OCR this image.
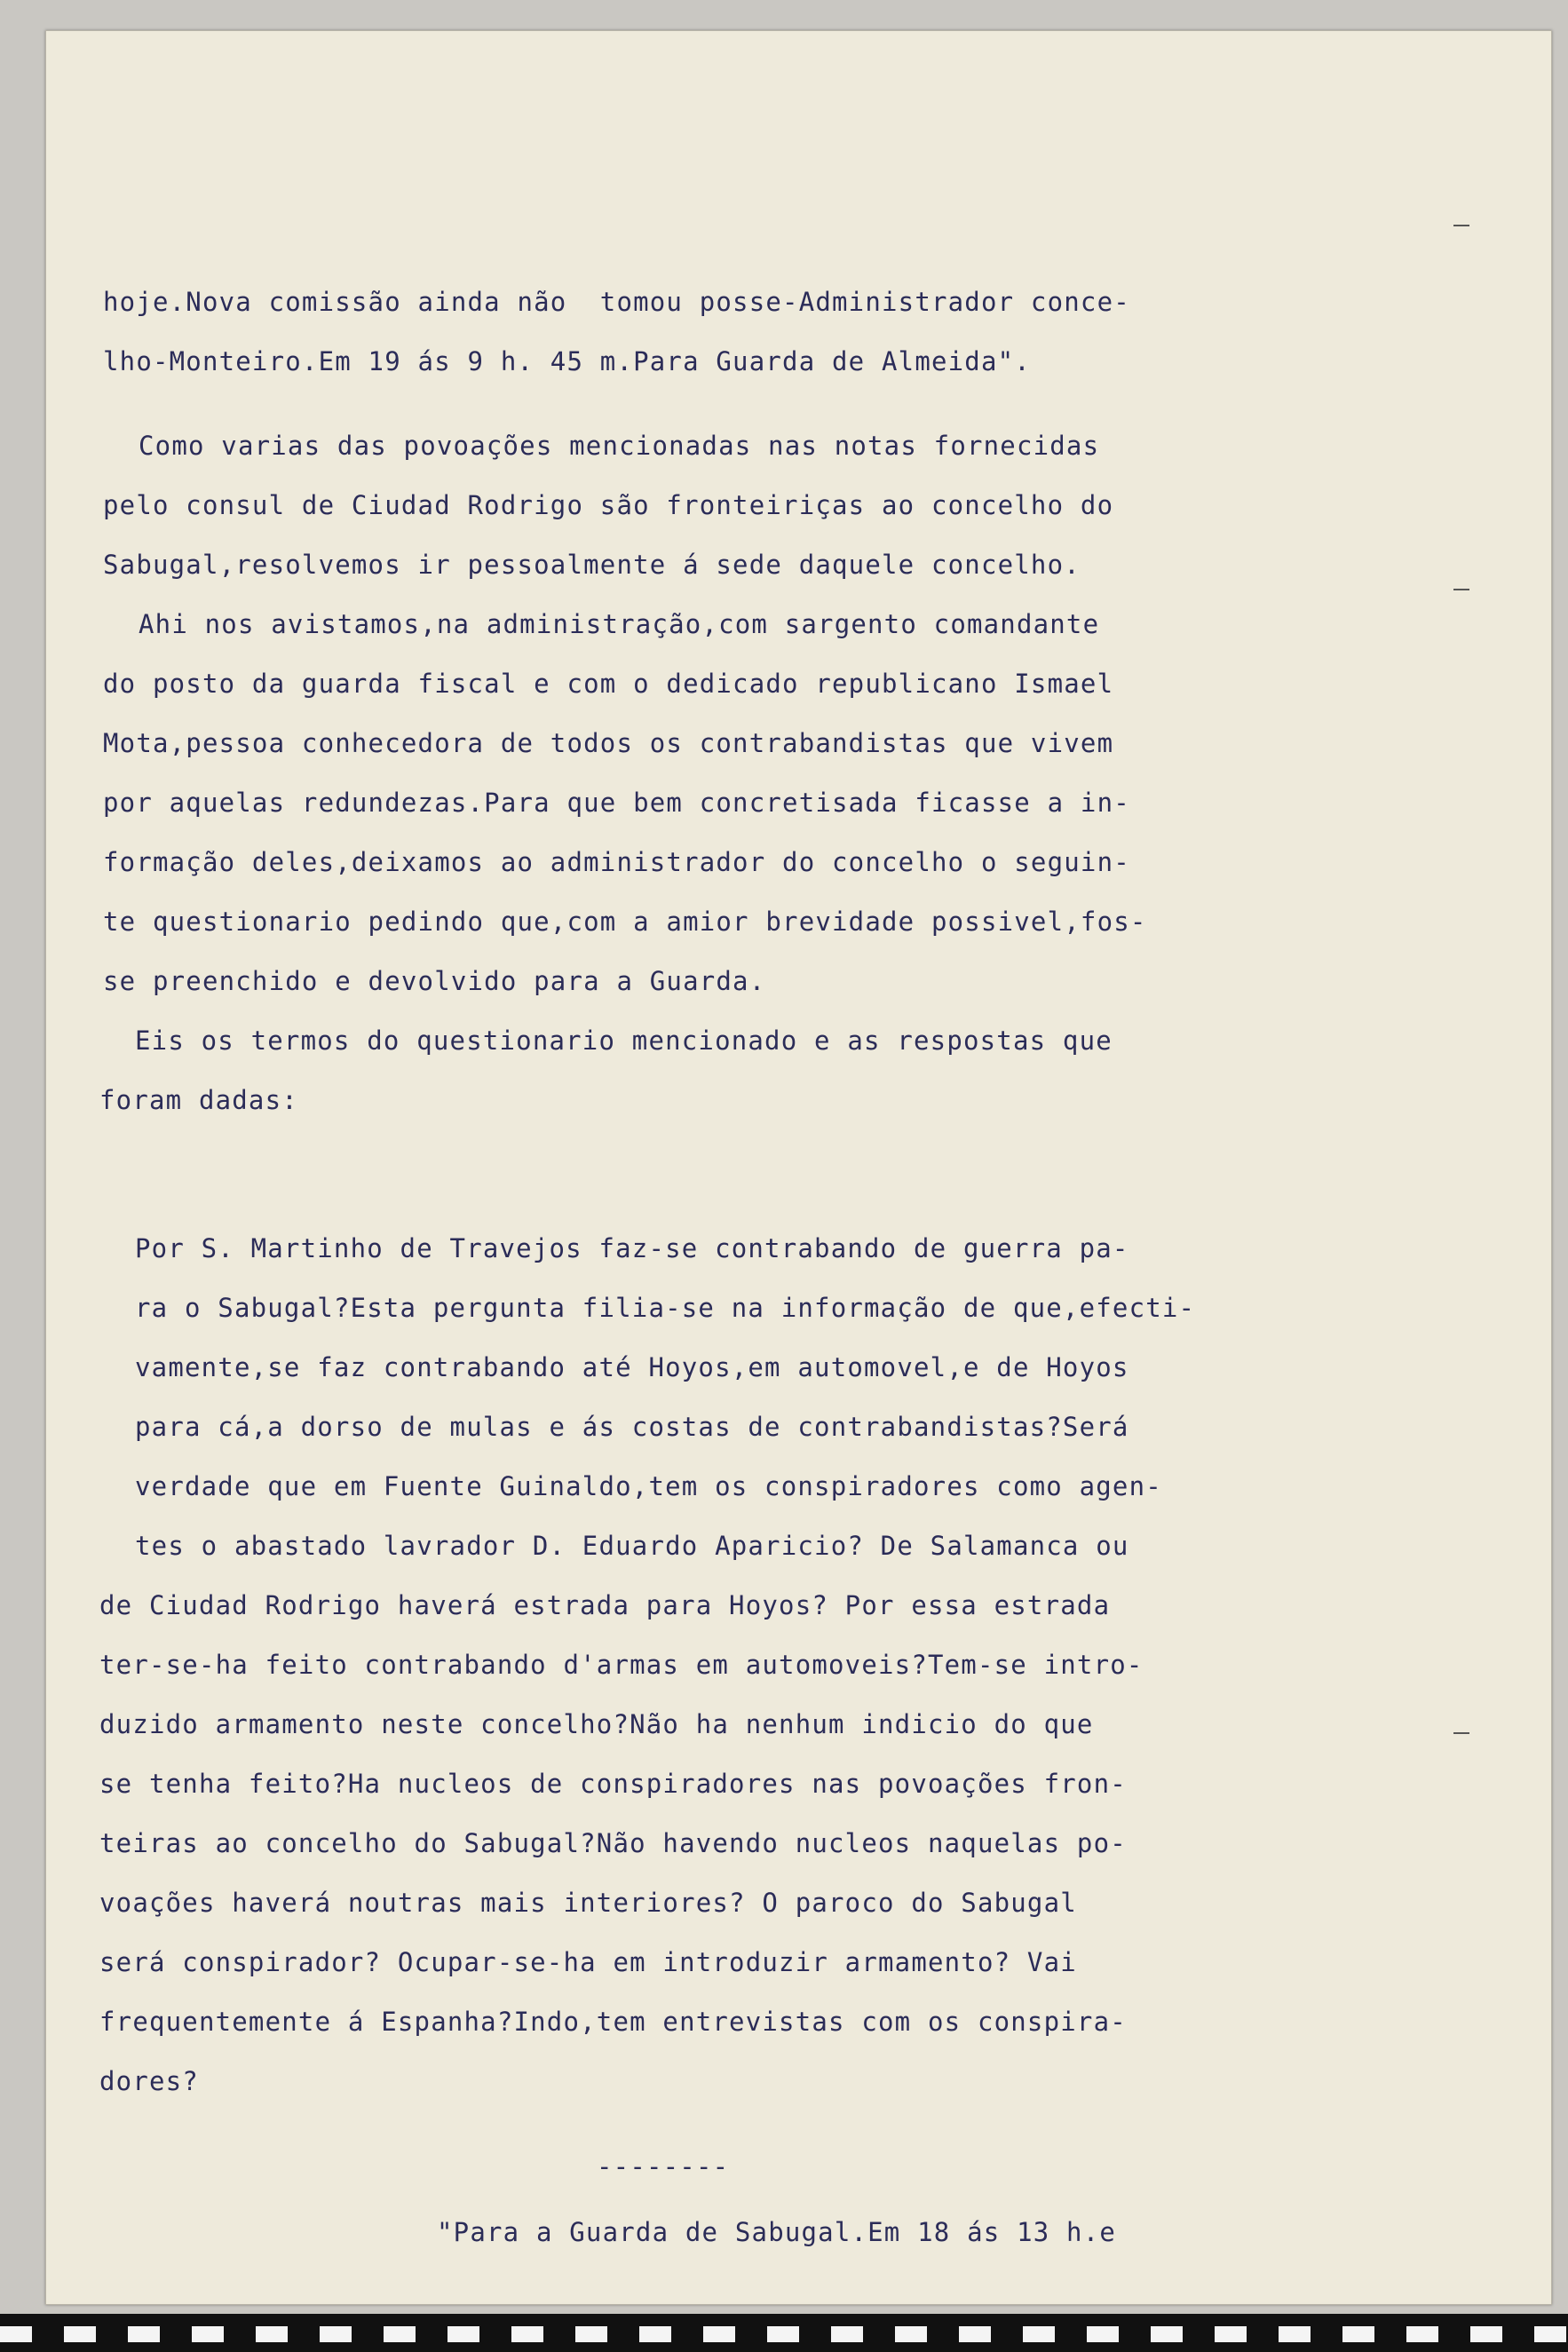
hoje.Nova comissão ainda não  tomou posse-Administrador conce-

lho-Monteiro.Em 19 ás 9 h. 45 m.Para Guarda de Almeida".

Como varias das povoações mencionadas nas notas fornecidas

pelo consul de Ciudad Rodrigo são fronteiriças ao concelho do

Sabugal,resolvemos ir pessoalmente á sede daquele concelho.

Ahi nos avistamos,na administração,com sargento comandante

do posto da guarda fiscal e com o dedicado republicano Ismael

Mota,pessoa conhecedora de todos os contrabandistas que vivem

por aquelas redundezas.Para que bem concretisada ficasse a in-

formação deles,deixamos ao administrador do concelho o seguin-

te questionario pedindo que,com a amior brevidade possivel,fos-

se preenchido e devolvido para a Guarda.

Eis os termos do questionario mencionado e as respostas que

foram dadas:

Por S. Martinho de Travejos faz-se contrabando de guerra pa-

ra o Sabugal?Esta pergunta filia-se na informação de que,efecti-

vamente,se faz contrabando até Hoyos,em automovel,e de Hoyos

para cá,a dorso de mulas e ás costas de contrabandistas?Será

verdade que em Fuente Guinaldo,tem os conspiradores como agen-

tes o abastado lavrador D. Eduardo Aparicio? De Salamanca ou

de Ciudad Rodrigo haverá estrada para Hoyos? Por essa estrada

ter-se-ha feito contrabando d'armas em automoveis?Tem-se intro-

duzido armamento neste concelho?Não ha nenhum indicio do que

se tenha feito?Ha nucleos de conspiradores nas povoações fron-

teiras ao concelho do Sabugal?Não havendo nucleos naquelas po-

voações haverá noutras mais interiores? O paroco do Sabugal

será conspirador? Ocupar-se-ha em introduzir armamento? Vai

frequentemente á Espanha?Indo,tem entrevistas com os conspira-

dores?

--------

"Para a Guarda de Sabugal.Em 18 ás 13 h.e
